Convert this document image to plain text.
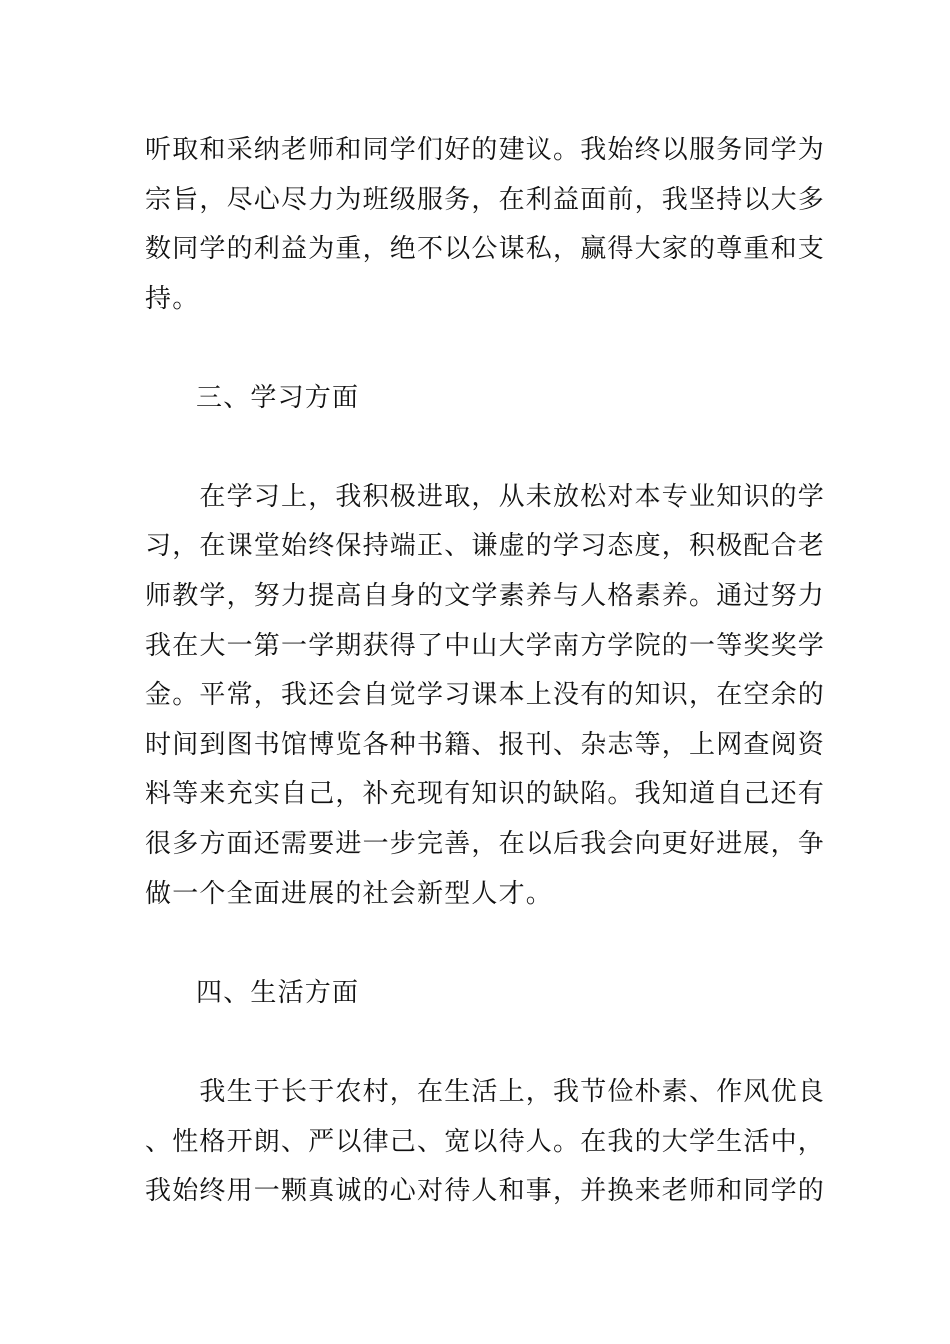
听取和采纳老师和同学们好的建议。我始终以服务同学为
宗旨，尽心尽力为班级服务，在利益面前，我坚持以大多
数同学的利益为重，绝不以公谋私，赢得大家的尊重和支
持。
三、学习方面
　　在学习上，我积极进取，从未放松对本专业知识的学
习，在课堂始终保持端正、谦虚的学习态度，积极配合老
师教学，努力提高自身的文学素养与人格素养。通过努力
我在大一第一学期获得了中山大学南方学院的一等奖奖学
金。平常，我还会自觉学习课本上没有的知识，在空余的
时间到图书馆博览各种书籍、报刊、杂志等，上网查阅资
料等来充实自己，补充现有知识的缺陷。我知道自己还有
很多方面还需要进一步完善，在以后我会向更好进展，争
做一个全面进展的社会新型人才。
四、生活方面
　　我生于长于农村，在生活上，我节俭朴素、作风优良
、性格开朗、严以律己、宽以待人。在我的大学生活中，
我始终用一颗真诚的心对待人和事，并换来老师和同学的
